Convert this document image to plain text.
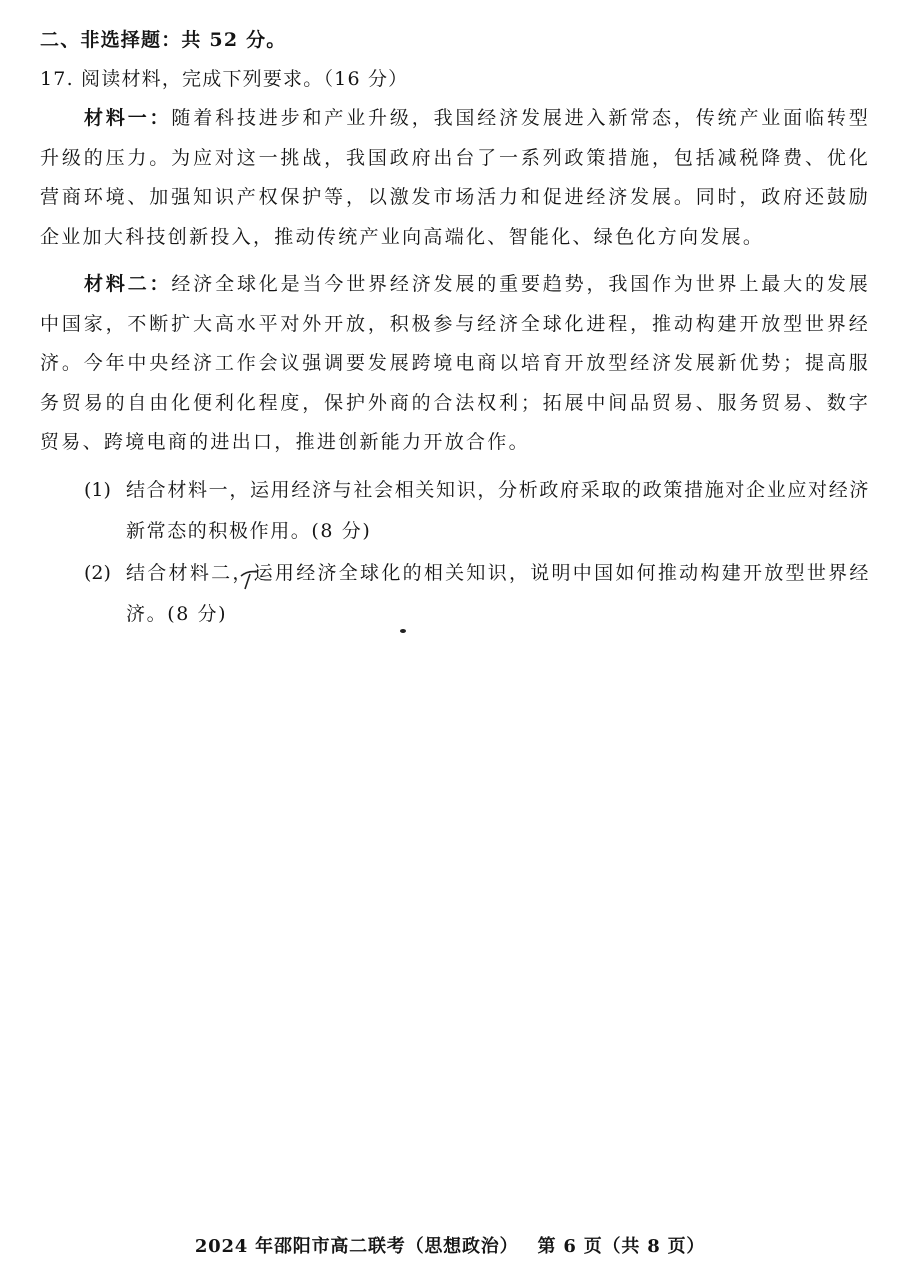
二、非选择题：共 52 分。
17. 阅读材料，完成下列要求。（16 分）
材料一：随着科技进步和产业升级，我国经济发展进入新常态，传统产业面临转型升级的压力。为应对这一挑战，我国政府出台了一系列政策措施，包括减税降费、优化营商环境、加强知识产权保护等，以激发市场活力和促进经济发展。同时，政府还鼓励企业加大科技创新投入，推动传统产业向高端化、智能化、绿色化方向发展。
材料二：经济全球化是当今世界经济发展的重要趋势，我国作为世界上最大的发展中国家，不断扩大高水平对外开放，积极参与经济全球化进程，推动构建开放型世界经济。今年中央经济工作会议强调要发展跨境电商以培育开放型经济发展新优势；提高服务贸易的自由化便利化程度，保护外商的合法权利；拓展中间品贸易、服务贸易、数字贸易、跨境电商的进出口，推进创新能力开放合作。
(1) 结合材料一，运用经济与社会相关知识，分析政府采取的政策措施对企业应对经济新常态的积极作用。(8 分)
(2) 结合材料二，运用经济全球化的相关知识，说明中国如何推动构建开放型世界经济。(8 分)
2024 年邵阳市高二联考（思想政治） 第 6 页（共 8 页）
